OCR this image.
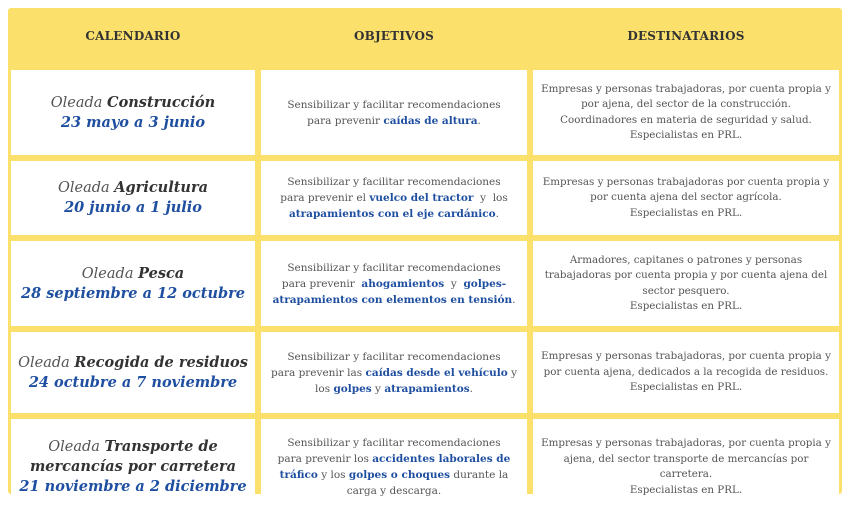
CALENDARIO	OBJETIVOS	DESTINATARIOS
Oleada Construcción
23 mayo a 3 junio
Sensibilizar y facilitar recomendaciones
para prevenir caídas de altura.
Empresas y personas trabajadoras, por cuenta propia y
por ajena, del sector de la construcción.
Coordinadores en materia de seguridad y salud.
Especialistas en PRL.
Oleada Agricultura
20 junio a 1 julio
Sensibilizar y facilitar recomendaciones
para prevenir el vuelco del tractor  y  los
atrapamientos con el eje cardánico.
Empresas y personas trabajadoras por cuenta propia y
por cuenta ajena del sector agrícola.
Especialistas en PRL.
Oleada Pesca
28 septiembre a 12 octubre
Sensibilizar y facilitar recomendaciones
para prevenir  ahogamientos  y  golpes-
atrapamientos con elementos en tensión.
Armadores, capitanes o patrones y personas
trabajadoras por cuenta propia y por cuenta ajena del
sector pesquero.
Especialistas en PRL.
Oleada Recogida de residuos
24 octubre a 7 noviembre
Sensibilizar y facilitar recomendaciones
para prevenir las caídas desde el vehículo y
los golpes y atrapamientos.
Empresas y personas trabajadoras, por cuenta propia y
por cuenta ajena, dedicados a la recogida de residuos.
Especialistas en PRL.
Oleada Transporte de
mercancías por carretera
21 noviembre a 2 diciembre
Sensibilizar y facilitar recomendaciones
para prevenir los accidentes laborales de
tráfico y los golpes o choques durante la
carga y descarga.
Empresas y personas trabajadoras, por cuenta propia y
ajena, del sector transporte de mercancías por
carretera.
Especialistas en PRL.
